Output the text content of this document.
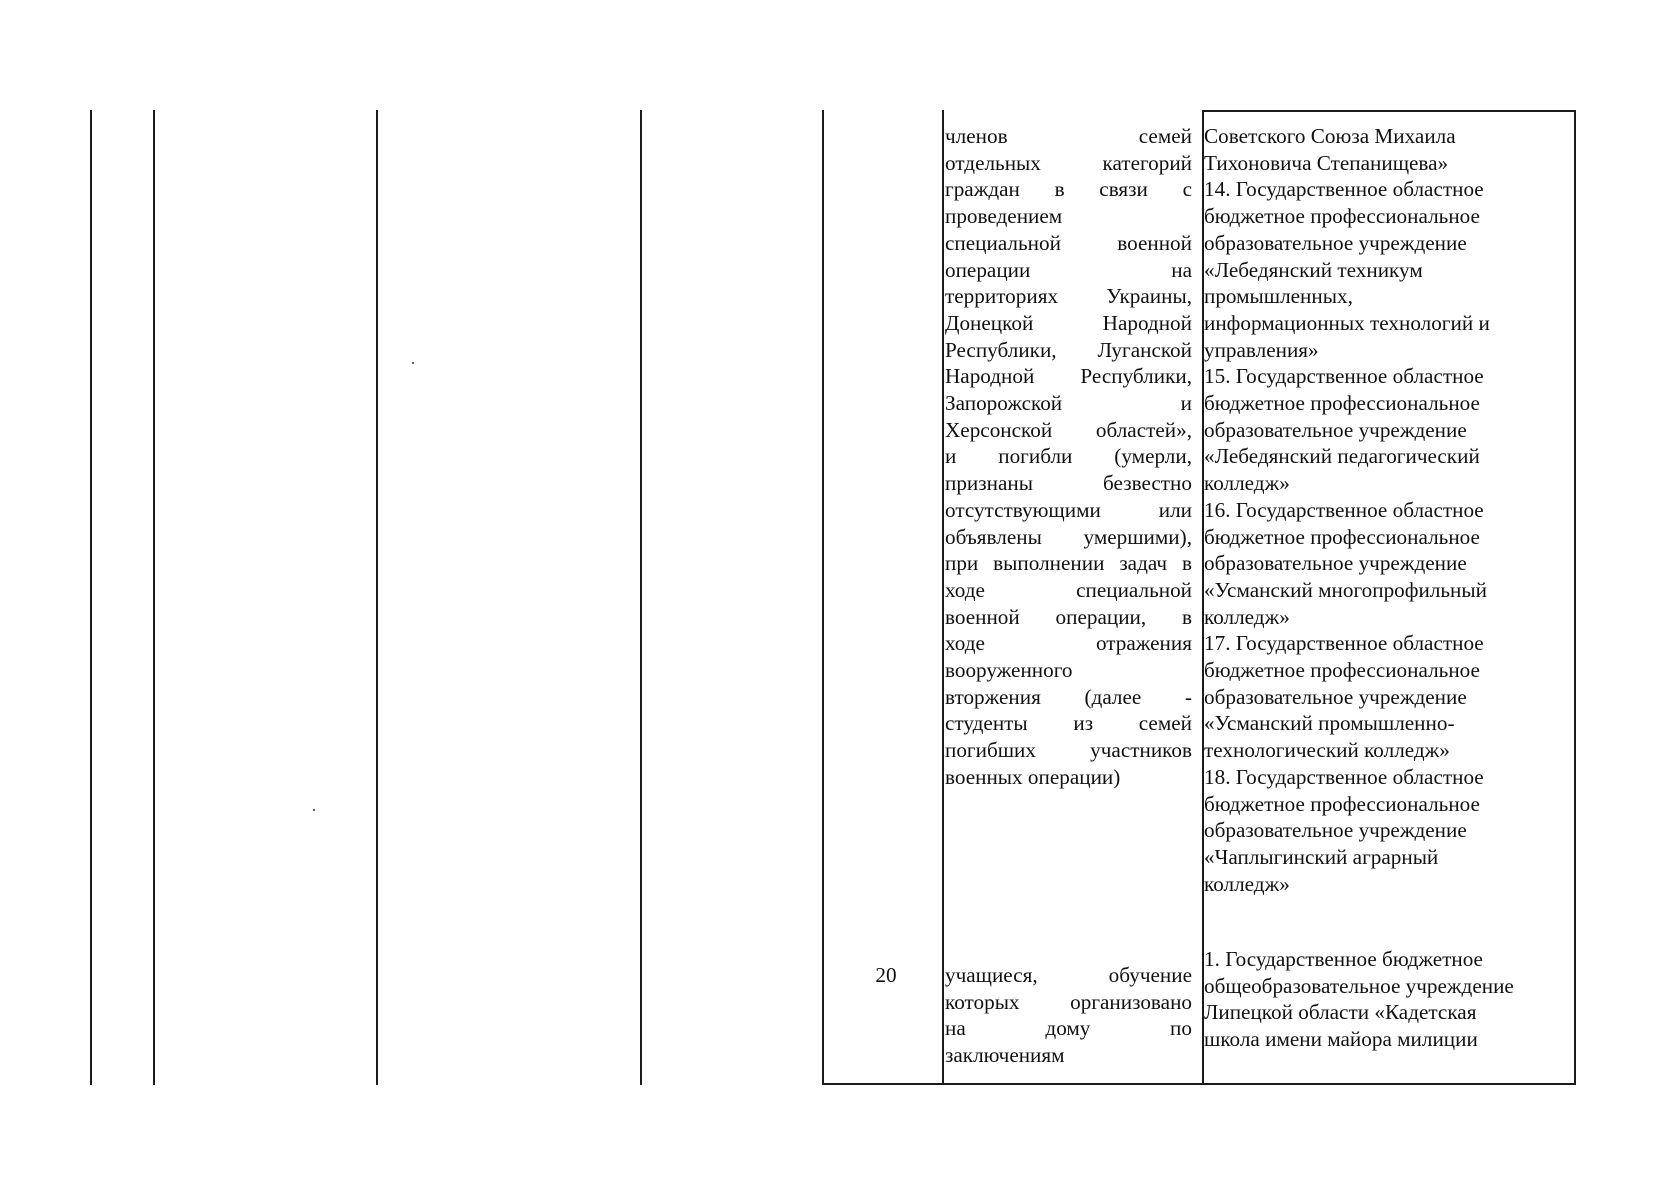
членов семей
отдельных категорий
граждан в связи с
проведением
специальной военной
операции на
территориях Украины,
Донецкой Народной
Республики, Луганской
Народной Республики,
Запорожской и
Херсонской областей»,
и погибли (умерли,
признаны безвестно
отсутствующими или
объявлены умершими),
при выполнении задач в
ходе специальной
военной операции, в
ходе отражения
вооруженного
вторжения (далее -
студенты из семей
погибших участников
военных операции)
Советского Союза Михаила
Тихоновича Степанищева»
14. Государственное областное
бюджетное профессиональное
образовательное учреждение
«Лебедянский техникум
промышленных,
информационных технологий и
управления»
15. Государственное областное
бюджетное профессиональное
образовательное учреждение
«Лебедянский педагогический
колледж»
16. Государственное областное
бюджетное профессиональное
образовательное учреждение
«Усманский многопрофильный
колледж»
17. Государственное областное
бюджетное профессиональное
образовательное учреждение
«Усманский промышленно-
технологический колледж»
18. Государственное областное
бюджетное профессиональное
образовательное учреждение
«Чаплыгинский аграрный
колледж»
20	учащиеся, обучение
которых организовано
на дому по
заключениям
1. Государственное бюджетное
общеобразовательное учреждение
Липецкой области «Кадетская
школа имени майора милиции
